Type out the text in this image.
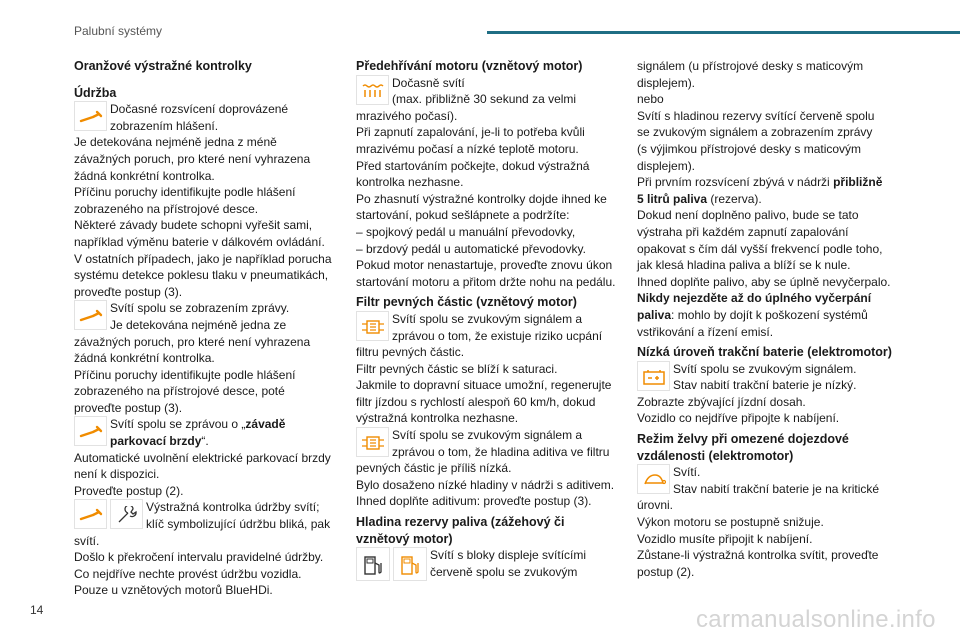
Palubní systémy

Oranžové výstražné kontrolky

Údržba

Dočasné rozsvícení doprovázené

zobrazením hlášení.

Je detekována nejméně jedna z méně

závažných poruch, pro které není vyhrazena

žádná konkrétní kontrolka.

Příčinu poruchy identifikujte podle hlášení

zobrazeného na přístrojové desce.

Některé závady budete schopni vyřešit sami,

například výměnu baterie v dálkovém ovládání.

V ostatních případech, jako je například porucha

systému detekce poklesu tlaku v pneumatikách,

proveďte postup (3).

Svítí spolu se zobrazením zprávy.

Je detekována nejméně jedna ze

závažných poruch, pro které není vyhrazena

žádná konkrétní kontrolka.

Příčinu poruchy identifikujte podle hlášení

zobrazeného na přístrojové desce, poté

proveďte postup (3).

Svítí spolu se zprávou o „závadě

parkovací brzdy“.

Automatické uvolnění elektrické parkovací brzdy

není k dispozici.

Proveďte postup (2).

Výstražná kontrolka údržby svítí;

klíč symbolizující údržbu bliká, pak

svítí.

Došlo k překročení intervalu pravidelné údržby.

Co nejdříve nechte provést údržbu vozidla.

Pouze u vznětových motorů BlueHDi.

Předehřívání motoru (vznětový motor)

Dočasně svítí

(max. přibližně 30 sekund za velmi

mrazivého počasí).

Při zapnutí zapalování, je-li to potřeba kvůli

mrazivému počasí a nízké teplotě motoru.

Před startováním počkejte, dokud výstražná

kontrolka nezhasne.

Po zhasnutí výstražné kontrolky dojde ihned ke

startování, pokud sešlápnete a podržíte:

– spojkový pedál u manuální převodovky,

– brzdový pedál u automatické převodovky.

Pokud motor nenastartuje, proveďte znovu úkon

startování motoru a přitom držte nohu na pedálu.

Filtr pevných částic (vznětový motor)

Svítí spolu se zvukovým signálem a

zprávou o tom, že existuje riziko ucpání

filtru pevných částic.

Filtr pevných částic se blíží k saturaci.

Jakmile to dopravní situace umožní, regenerujte

filtr jízdou s rychlostí alespoň 60 km/h, dokud

výstražná kontrolka nezhasne.

Svítí spolu se zvukovým signálem a

zprávou o tom, že hladina aditiva ve filtru

pevných částic je příliš nízká.

Bylo dosaženo nízké hladiny v nádrži s aditivem.

Ihned doplňte aditivum: proveďte postup (3).

Hladina rezervy paliva (zážehový či

vznětový motor)

Svítí s bloky displeje svítícími

červeně spolu se zvukovým

signálem (u přístrojové desky s maticovým

displejem).

nebo

Svítí s hladinou rezervy svítící červeně spolu

se zvukovým signálem a zobrazením zprávy

(s výjimkou přístrojové desky s maticovým

displejem).

Při prvním rozsvícení zbývá v nádrži přibližně

5 litrů paliva (rezerva).

Dokud není doplněno palivo, bude se tato

výstraha při každém zapnutí zapalování

opakovat s čím dál vyšší frekvencí podle toho,

jak klesá hladina paliva a blíží se k nule.

Ihned doplňte palivo, aby se úplně nevyčerpalo.

Nikdy nejezděte až do úplného vyčerpání

paliva: mohlo by dojít k poškození systémů

vstřikování a řízení emisí.

Nízká úroveň trakční baterie (elektromotor)

Svítí spolu se zvukovým signálem.

Stav nabití trakční baterie je nízký.

Zobrazte zbývající jízdní dosah.

Vozidlo co nejdříve připojte k nabíjení.

Režim želvy při omezené dojezdové

vzdálenosti (elektromotor)

Svítí.

Stav nabití trakční baterie je na kritické

úrovni.

Výkon motoru se postupně snižuje.

Vozidlo musíte připojit k nabíjení.

Zůstane-li výstražná kontrolka svítit, proveďte

postup (2).

14	carmanualsonline.info
